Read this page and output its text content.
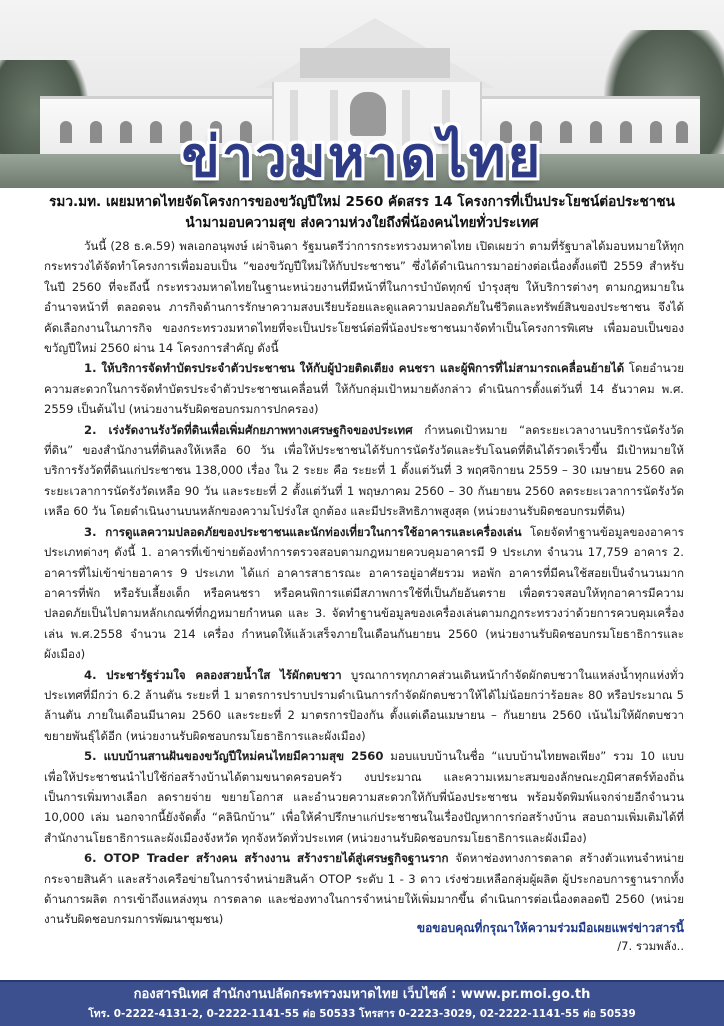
ข่าวมหาดไทย
รมว.มท. เผยมหาดไทยจัดโครงการของขวัญปีใหม่ 2560 คัดสรร 14 โครงการที่เป็นประโยชน์ต่อประชาชน
นำมามอบความสุข ส่งความห่วงใยถึงพี่น้องคนไทยทั่วประเทศ

วันนี้ (28 ธ.ค.59) พลเอกอนุพงษ์ เผ่าจินดา รัฐมนตรีว่าการกระทรวงมหาดไทย เปิดเผยว่า ตามที่รัฐบาลได้มอบหมายให้ทุกกระทรวงได้จัดทำโครงการเพื่อมอบเป็น “ของขวัญปีใหม่ให้กับประชาชน” ซึ่งได้ดำเนินการมาอย่างต่อเนื่องตั้งแต่ปี 2559 สำหรับ ในปี 2560 ที่จะถึงนี้ กระทรวงมหาดไทยในฐานะหน่วยงานที่มีหน้าที่ในการบำบัดทุกข์ บำรุงสุข ให้บริการต่างๆ ตามกฎหมายในอำนาจหน้าที่ ตลอดจน ภารกิจด้านการรักษาความสงบเรียบร้อยและดูแลความปลอดภัยในชีวิตและทรัพย์สินของประชาชน จึงได้คัดเลือกงานในภารกิจ ของกระทรวงมหาดไทยที่จะเป็นประโยชน์ต่อพี่น้องประชาชนมาจัดทำเป็นโครงการพิเศษ เพื่อมอบเป็นของขวัญปีใหม่ 2560 ผ่าน 14 โครงการสำคัญ ดังนี้

1. ให้บริการจัดทำบัตรประจำตัวประชาชน ให้กับผู้ป่วยติดเตียง คนชรา และผู้พิการที่ไม่สามารถเคลื่อนย้ายได้ โดยอำนวยความสะดวกในการจัดทำบัตรประจำตัวประชาชนเคลื่อนที่ ให้กับกลุ่มเป้าหมายดังกล่าว ดำเนินการตั้งแต่วันที่ 14 ธันวาคม พ.ศ. 2559 เป็นต้นไป (หน่วยงานรับผิดชอบกรมการปกครอง)

2. เร่งรัดงานรังวัดที่ดินเพื่อเพิ่มศักยภาพทางเศรษฐกิจของประเทศ กำหนดเป้าหมาย “ลดระยะเวลางานบริการนัดรังวัดที่ดิน” ของสำนักงานที่ดินลงให้เหลือ 60 วัน เพื่อให้ประชาชนได้รับการนัดรังวัดและรับโฉนดที่ดินได้รวดเร็วขึ้น มีเป้าหมายให้บริการรังวัดที่ดินแก่ประชาชน 138,000 เรื่อง ใน 2 ระยะ คือ ระยะที่ 1 ตั้งแต่วันที่ 3 พฤศจิกายน 2559 – 30 เมษายน 2560 ลดระยะเวลาการนัดรังวัดเหลือ 90 วัน และระยะที่ 2 ตั้งแต่วันที่ 1 พฤษภาคม 2560 – 30 กันยายน 2560 ลดระยะเวลาการนัดรังวัดเหลือ 60 วัน โดยดำเนินงานบนหลักของความโปร่งใส ถูกต้อง และมีประสิทธิภาพสูงสุด (หน่วยงานรับผิดชอบกรมที่ดิน)

3. การดูแลความปลอดภัยของประชาชนและนักท่องเที่ยวในการใช้อาคารและเครื่องเล่น โดยจัดทำฐานข้อมูลของอาคารประเภทต่างๆ ดังนี้ 1. อาคารที่เข้าข่ายต้องทำการตรวจสอบตามกฎหมายควบคุมอาคารมี 9 ประเภท จำนวน 17,759 อาคาร 2. อาคารที่ไม่เข้าข่ายอาคาร 9 ประเภท ได้แก่ อาคารสาธารณะ อาคารอยู่อาศัยรวม หอพัก อาคารที่มีคนใช้สอยเป็นจำนวนมาก อาคารที่พัก หรือรับเลี้ยงเด็ก หรือคนชรา หรือคนพิการแต่มีสภาพการใช้ที่เป็นภัยอันตราย เพื่อตรวจสอบให้ทุกอาคารมีความปลอดภัยเป็นไปตามหลักเกณฑ์ที่กฎหมายกำหนด และ 3. จัดทำฐานข้อมูลของเครื่องเล่นตามกฎกระทรวงว่าด้วยการควบคุมเครื่องเล่น พ.ศ.2558 จำนวน 214 เครื่อง กำหนดให้แล้วเสร็จภายในเดือนกันยายน 2560 (หน่วยงานรับผิดชอบกรมโยธาธิการและผังเมือง)

4. ประชารัฐร่วมใจ คลองสวยน้ำใส ไร้ผักตบชวา บูรณาการทุกภาคส่วนเดินหน้ากำจัดผักตบชวาในแหล่งน้ำทุกแห่งทั่วประเทศที่มีกว่า 6.2 ล้านตัน ระยะที่ 1 มาตรการปราบปรามดำเนินการกำจัดผักตบชวาให้ได้ไม่น้อยกว่าร้อยละ 80 หรือประมาณ 5 ล้านตัน ภายในเดือนมีนาคม 2560 และระยะที่ 2 มาตรการป้องกัน ตั้งแต่เดือนเมษายน – กันยายน 2560 เน้นไม่ให้ผักตบชวาขยายพันธุ์ได้อีก (หน่วยงานรับผิดชอบกรมโยธาธิการและผังเมือง)

5. แบบบ้านสานฝันของขวัญปีใหม่คนไทยมีความสุข 2560 มอบแบบบ้านในชื่อ “แบบบ้านไทยพอเพียง” รวม 10 แบบ เพื่อให้ประชาชนนำไปใช้ก่อสร้างบ้านได้ตามขนาดครอบครัว งบประมาณ และความเหมาะสมของลักษณะภูมิศาสตร์ท้องถิ่น เป็นการเพิ่มทางเลือก ลดรายจ่าย ขยายโอกาส และอำนวยความสะดวกให้กับพี่น้องประชาชน พร้อมจัดพิมพ์แจกจ่ายอีกจำนวน 10,000 เล่ม นอกจากนี้ยังจัดตั้ง “คลินิกบ้าน” เพื่อให้คำปรึกษาแก่ประชาชนในเรื่องปัญหาการก่อสร้างบ้าน สอบถามเพิ่มเติมได้ที่สำนักงานโยธาธิการและผังเมืองจังหวัด ทุกจังหวัดทั่วประเทศ (หน่วยงานรับผิดชอบกรมโยธาธิการและผังเมือง)

6. OTOP Trader สร้างคน สร้างงาน สร้างรายได้สู่เศรษฐกิจฐานราก จัดหาช่องทางการตลาด สร้างตัวแทนจำหน่าย กระจายสินค้า และสร้างเครือข่ายในการจำหน่ายสินค้า OTOP ระดับ 1 - 3 ดาว เร่งช่วยเหลือกลุ่มผู้ผลิต ผู้ประกอบการฐานรากทั้งด้านการผลิต การเข้าถึงแหล่งทุน การตลาด และช่องทางในการจำหน่ายให้เพิ่มมากขึ้น ดำเนินการต่อเนื่องตลอดปี 2560 (หน่วยงานรับผิดชอบกรมการพัฒนาชุมชน)

ขอขอบคุณที่กรุณาให้ความร่วมมือเผยแพร่ข่าวสารนี้
/7. รวมพลัง..
กองสารนิเทศ สำนักงานปลัดกระทรวงมหาดไทย เว็บไซต์ : www.pr.moi.go.th
โทร. 0-2222-4131-2, 0-2222-1141-55 ต่อ 50533 โทรสาร 0-2223-3029, 02-2222-1141-55 ต่อ 50539
